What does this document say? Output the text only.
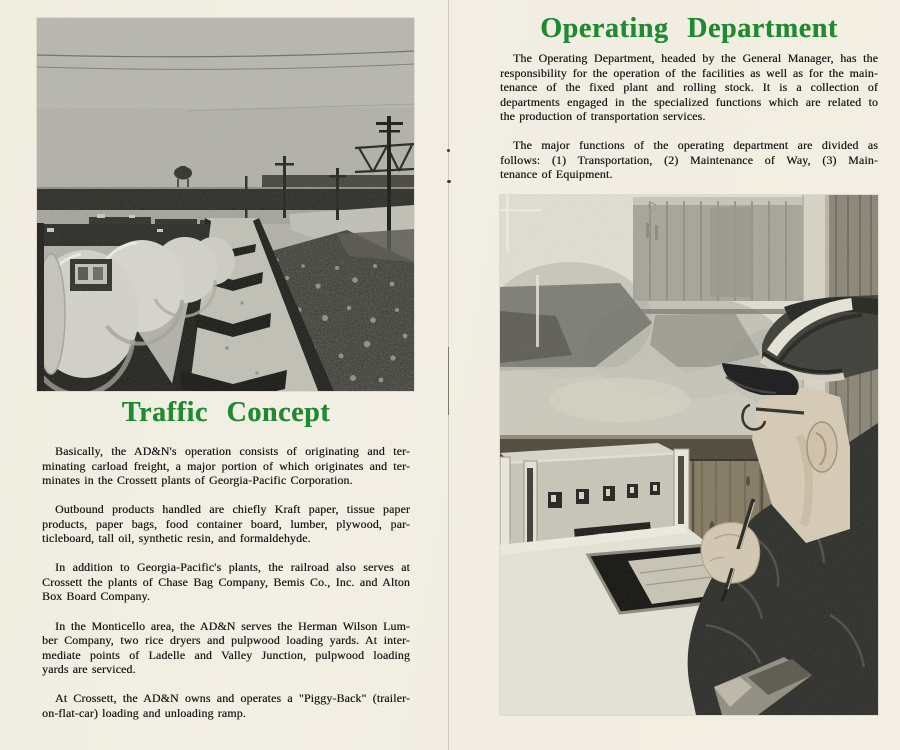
Traffic Concept
Basically, the AD&N's operation consists of originating and ter-
minating carload freight, a major portion of which originates and ter-
minates in the Crossett plants of Georgia-Pacific Corporation.
Outbound products handled are chiefly Kraft paper, tissue paper
products, paper bags, food container board, lumber, plywood, par-
ticleboard, tall oil, synthetic resin, and formaldehyde.
In addition to Georgia-Pacific's plants, the railroad also serves at
Crossett the plants of Chase Bag Company, Bemis Co., Inc. and Alton
Box Board Company.
In the Monticello area, the AD&N serves the Herman Wilson Lum-
ber Company, two rice dryers and pulpwood loading yards. At inter-
mediate points of Ladelle and Valley Junction, pulpwood loading
yards are serviced.
At Crossett, the AD&N owns and operates a "Piggy-Back" (trailer-
on-flat-car) loading and unloading ramp.
Operating Department
The Operating Department, headed by the General Manager, has the
responsibility for the operation of the facilities as well as for the main-
tenance of the fixed plant and rolling stock. It is a collection of
departments engaged in the specialized functions which are related to
the production of transportation services.
The major functions of the operating department are divided as
follows: (1) Transportation, (2) Maintenance of Way, (3) Main-
tenance of Equipment.
